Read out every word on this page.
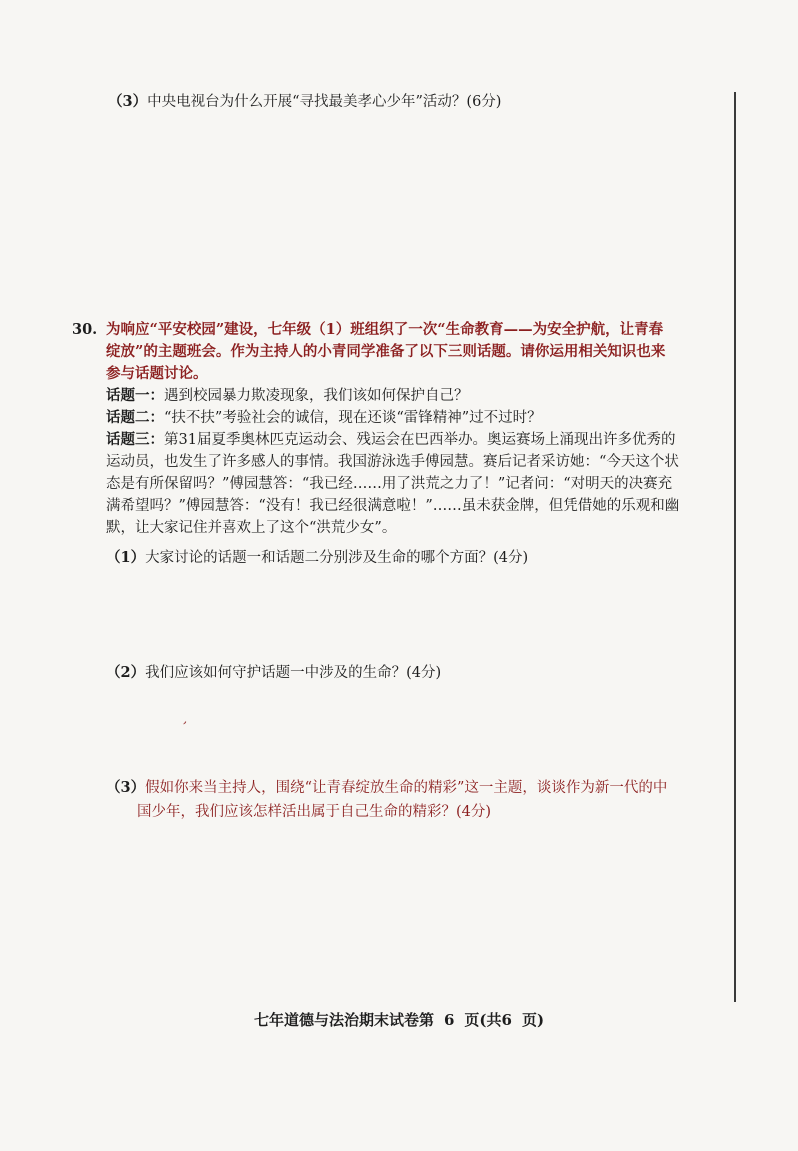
（3）中央电视台为什么开展“寻找最美孝心少年”活动？(6分)
30. 为响应“平安校园”建设，七年级（1）班组织了一次“生命教育——为安全护航，让青春
绽放”的主题班会。作为主持人的小青同学准备了以下三则话题。请你运用相关知识也来
参与话题讨论。
话题一：遇到校园暴力欺凌现象，我们该如何保护自己？
话题二：“扶不扶”考验社会的诚信，现在还谈“雷锋精神”过不过时？
话题三：第31届夏季奥林匹克运动会、残运会在巴西举办。奥运赛场上涌现出许多优秀的
运动员，也发生了许多感人的事情。我国游泳选手傅园慧。赛后记者采访她：“今天这个状
态是有所保留吗？”傅园慧答：“我已经……用了洪荒之力了！”记者问：“对明天的决赛充
满希望吗？”傅园慧答：“没有！我已经很满意啦！”……虽未获金牌，但凭借她的乐观和幽
默，让大家记住并喜欢上了这个“洪荒少女”。
（1）大家讨论的话题一和话题二分别涉及生命的哪个方面？(4分)
（2）我们应该如何守护话题一中涉及的生命？(4分)
,
（3）假如你来当主持人，围绕“让青春绽放生命的精彩”这一主题，谈谈作为新一代的中
国少年，我们应该怎样活出属于自己生命的精彩？(4分)
七年道德与法治期末试卷第 6 页(共6 页)
